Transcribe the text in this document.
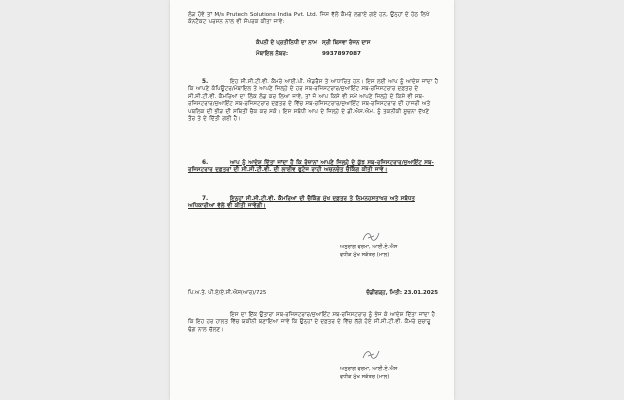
ਲੋੜ ਹੋਵੇ ਤਾਂ M/s Prutech Solutions India Pvt. Ltd. ਜਿਸ ਵੱਲੋਂ ਕੈਮਰੇ ਲਗਾਏ ਗਏ ਹਨ, ਉਨ੍ਹਾਂ ਦੇ ਹੇਠ ਲਿਖੇ ਕੋਨਟੈਕਟ ਪਰਸਨ ਨਾਲ ਵੀ ਸੰਪਰਕ ਕੀਤਾ ਜਾਵੇ:

ਕੰਪਨੀ ਦੇ ਪ੍ਰਤੀਨਿਧੀ ਦਾ ਨਾਮ ਸ੍ਰੀ ਬਿਸਵਾ ਰੰਜਨ ਦਾਸ
ਮੋਬਾਇਲ ਨੰਬਰ:	9937897087
5.	ਇਹ ਸੀ.ਸੀ.ਟੀ.ਵੀ. ਕੈਮਰੇ ਆਈ.ਪੀ. ਐਡਰੈਸ ਤੇ ਆਧਾਰਿਤ ਹਨ। ਇਸ ਲਈ ਆਪ ਨੂੰ ਆਦੇਸ਼ ਜਾਂਦਾ ਹੈ ਕਿ ਆਪਣੇ ਕੰਪਿਊਟਰ/ਮੋਬਾਇਲ ਤੇ ਆਪਣੇ ਜਿਲ੍ਹੇ ਦੇ ਹਰ ਸਬ-ਰਜਿਸਟਰਾਰ/ਜੁਆਇੰਟ ਸਬ-ਰਜਿਸਟਰਾਰ ਦਫ਼ਤਰ ਦੇ ਸੀ.ਸੀ.ਟੀ.ਵੀ. ਕੈਮਰਿਆਂ ਦਾ ਲਿੰਕ ਲੋਡ ਕਰ ਲਿਆ ਜਾਵੇ, ਤਾਂ ਜੋ ਆਪ ਕਿਸੇ ਵੀ ਸਮੇਂ ਆਪਣੇ ਜਿਲ੍ਹੇ ਦੇ ਕਿਸੇ ਵੀ ਸਬ-ਰਜਿਸਟਰਾਰ/ਜੁਆਇੰਟ ਸਬ-ਰਜਿਸਟਰਾਰ ਦਫ਼ਤਰ ਦੇ ਵਿੱਚ ਸਬ-ਰਜਿਸਟਰਾਰ/ਜੁਆਇੰਟ ਸਬ-ਰਜਿਸਟਰਾਰ ਦੀ ਹਾਜਰੀ ਅਤੇ ਪਬਲਿਕ ਦੀ ਭੀੜ ਦੀ ਸਥਿਤੀ ਚੈਕ ਕਰ ਸਕੋ। ਇਸ ਸਬੰਧੀ ਆਪ ਦੇ ਜਿਲ੍ਹੇ ਦੇ ਡੀ.ਐਸ.ਐਮ. ਨੂੰ ਤਕਨੀਕੀ ਸੂਚਨਾ ਦੱਖਣੇ ਤੌਰ ਤੇ ਦੇ ਦਿੱਤੀ ਗਈ ਹੈ।

6.	ਆਪ ਨੂੰ ਆਦੇਸ਼ ਦਿੱਤਾ ਜਾਂਦਾ ਹੈ ਕਿ ਰੋਜ਼ਾਨਾਂ ਆਪਣੇ ਜਿਲ੍ਹੇ ਦੇ ਕੁੱਝ ਸਬ-ਰਜਿਸਟਰਾਰ/ਜੁਆਇੰਟ ਸਬ-ਰਜਿਸਟਰਾਰ ਦਫ਼ਤਰਾਂ ਦੀ ਸੀ.ਸੀ.ਟੀ.ਵੀ. ਦੀ ਲਾਈਵ ਫੁਟੇਜ ਰਾਹੀ ਅਚਨਚੇਤ ਚੈਕਿੰਗ ਕੀਤੀ ਜਾਵੇ।

7.	ਇਨ੍ਹਾਂ ਸੀ.ਸੀ.ਟੀ.ਵੀ. ਕੈਮਰਿਆਂ ਦੀ ਚੈਕਿੰਗ ਮੁੱਖ ਦਫ਼ਤਰ ਤੇ ਨਿਮਨਹਸਤਾਖਰ ਅਤੇ ਸਬੰਧਤ ਅਧਿਕਾਰੀਆਂ ਵੱਲੋਂ ਵੀ ਕੀਤੀ ਜਾਵੇਗੀ।

ਅਨੁਰਾਗ ਵਰਮਾ, ਆਈ.ਏ.ਐਸ
ਵਧੀਕ ਮੁੱਖ ਸਕੱਤਰ (ਮਾਲ)
ਪਿ.ਅ.ਤੇ. ਪੀ.ਏ/ਏ.ਸੀ.ਐਸ(ਆਰ)/725	ਚੰਡੀਗੜ੍ਹ, ਮਿਤੀ: 23.01.2025

ਇਸ ਦਾ ਇੱਕ ਉਤਾਰਾ ਸਬ-ਰਜਿਸਟਰਾਰ/ਜੁਆਇੰਟ ਸਬ-ਰਜਿਸਟਰਾਰ ਨੂੰ ਭੇਜ ਕੇ ਆਦੇਸ਼ ਦਿੱਤਾ ਜਾਂਦਾ ਹੈ ਕਿ ਇਹ ਹਰ ਹਾਲਤ ਵਿੱਚ ਯਕੀਨੀ ਬਣਾਇਆ ਜਾਵੇ ਕਿ ਉਨ੍ਹਾਂ ਦੇ ਦਫ਼ਤਰ ਦੇ ਵਿੱਚ ਲੱਗੇ ਹੋਏ ਸੀ.ਸੀ.ਟੀ.ਵੀ. ਕੈਮਰੇ ਸੁਚਾਰੂ ਢੰਗ ਨਾਲ ਚੱਲਣ।

ਅਨੁਰਾਗ ਵਰਮਾ, ਆਈ.ਏ.ਐਸ
ਵਧੀਕ ਮੁੱਖ ਸਕੱਤਰ (ਮਾਲ)
